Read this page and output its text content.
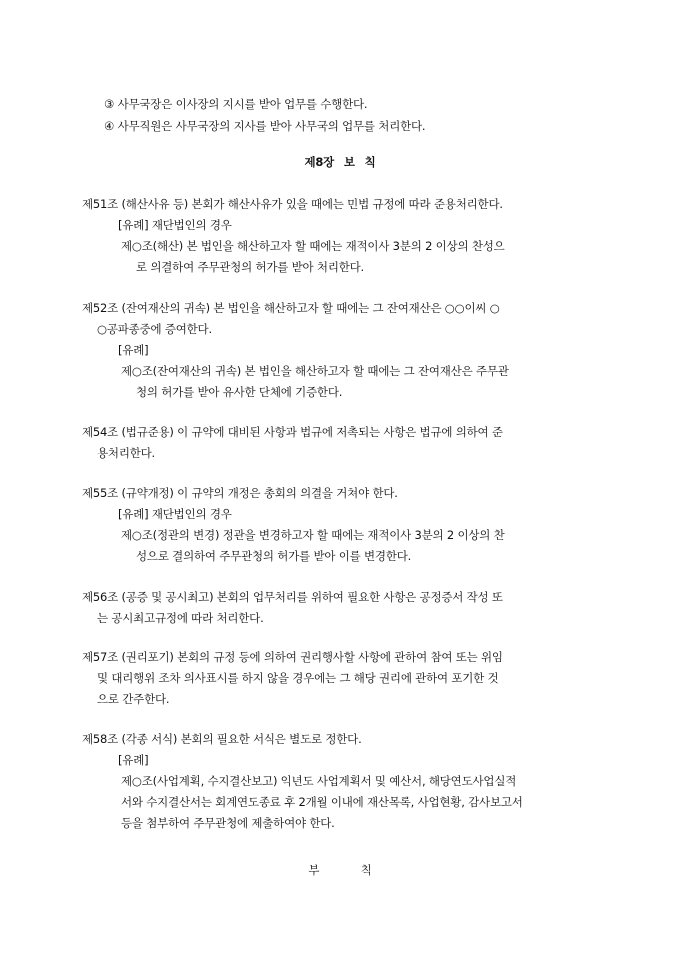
③ 사무국장은 이사장의 지시를 받아 업무를 수행한다.
④ 사무직원은 사무국장의 지사를 받아 사무국의 업무를 처리한다.
제8장 보 칙
제51조 (해산사유 등) 본회가 해산사유가 있을 때에는 민법 규정에 따라 준용처리한다.
[유례] 재단법인의 경우
제○조(해산) 본 법인을 해산하고자 할 때에는 재적이사 3분의 2 이상의 찬성으
로 의결하여 주무관청의 허가를 받아 처리한다.
제52조 (잔여재산의 귀속) 본 법인을 해산하고자 할 때에는 그 잔여재산은 ○○이씨 ○
○공파종중에 증여한다.
[유례]
제○조(잔여재산의 귀속) 본 법인을 해산하고자 할 때에는 그 잔여재산은 주무관
청의 허가를 받아 유사한 단체에 기증한다.
제54조 (법규준용) 이 규약에 대비된 사항과 법규에 저촉되는 사항은 법규에 의하여 준
용처리한다.
제55조 (규약개정) 이 규약의 개정은 총회의 의결을 거쳐야 한다.
[유례] 재단법인의 경우
제○조(정관의 변경) 정관을 변경하고자 할 때에는 재적이사 3분의 2 이상의 찬
성으로 결의하여 주무관청의 허가를 받아 이를 변경한다.
제56조 (공증 및 공시최고) 본회의 업무처리를 위하여 필요한 사항은 공정증서 작성 또
는 공시최고규정에 따라 처리한다.
제57조 (권리포기) 본회의 규정 등에 의하여 권리행사할 사항에 관하여 참여 또는 위임
및 대리행위 조차 의사표시를 하지 않을 경우에는 그 해당 권리에 관하여 포기한 것
으로 간주한다.
제58조 (각종 서식) 본회의 필요한 서식은 별도로 정한다.
[유례]
제○조(사업계획, 수지결산보고) 익년도 사업계획서 및 예산서, 해당연도사업실적
서와 수지결산서는 회계연도종료 후 2개월 이내에 재산목록, 사업현황, 감사보고서
등을 첨부하여 주무관청에 제출하여야 한다.
부 칙
